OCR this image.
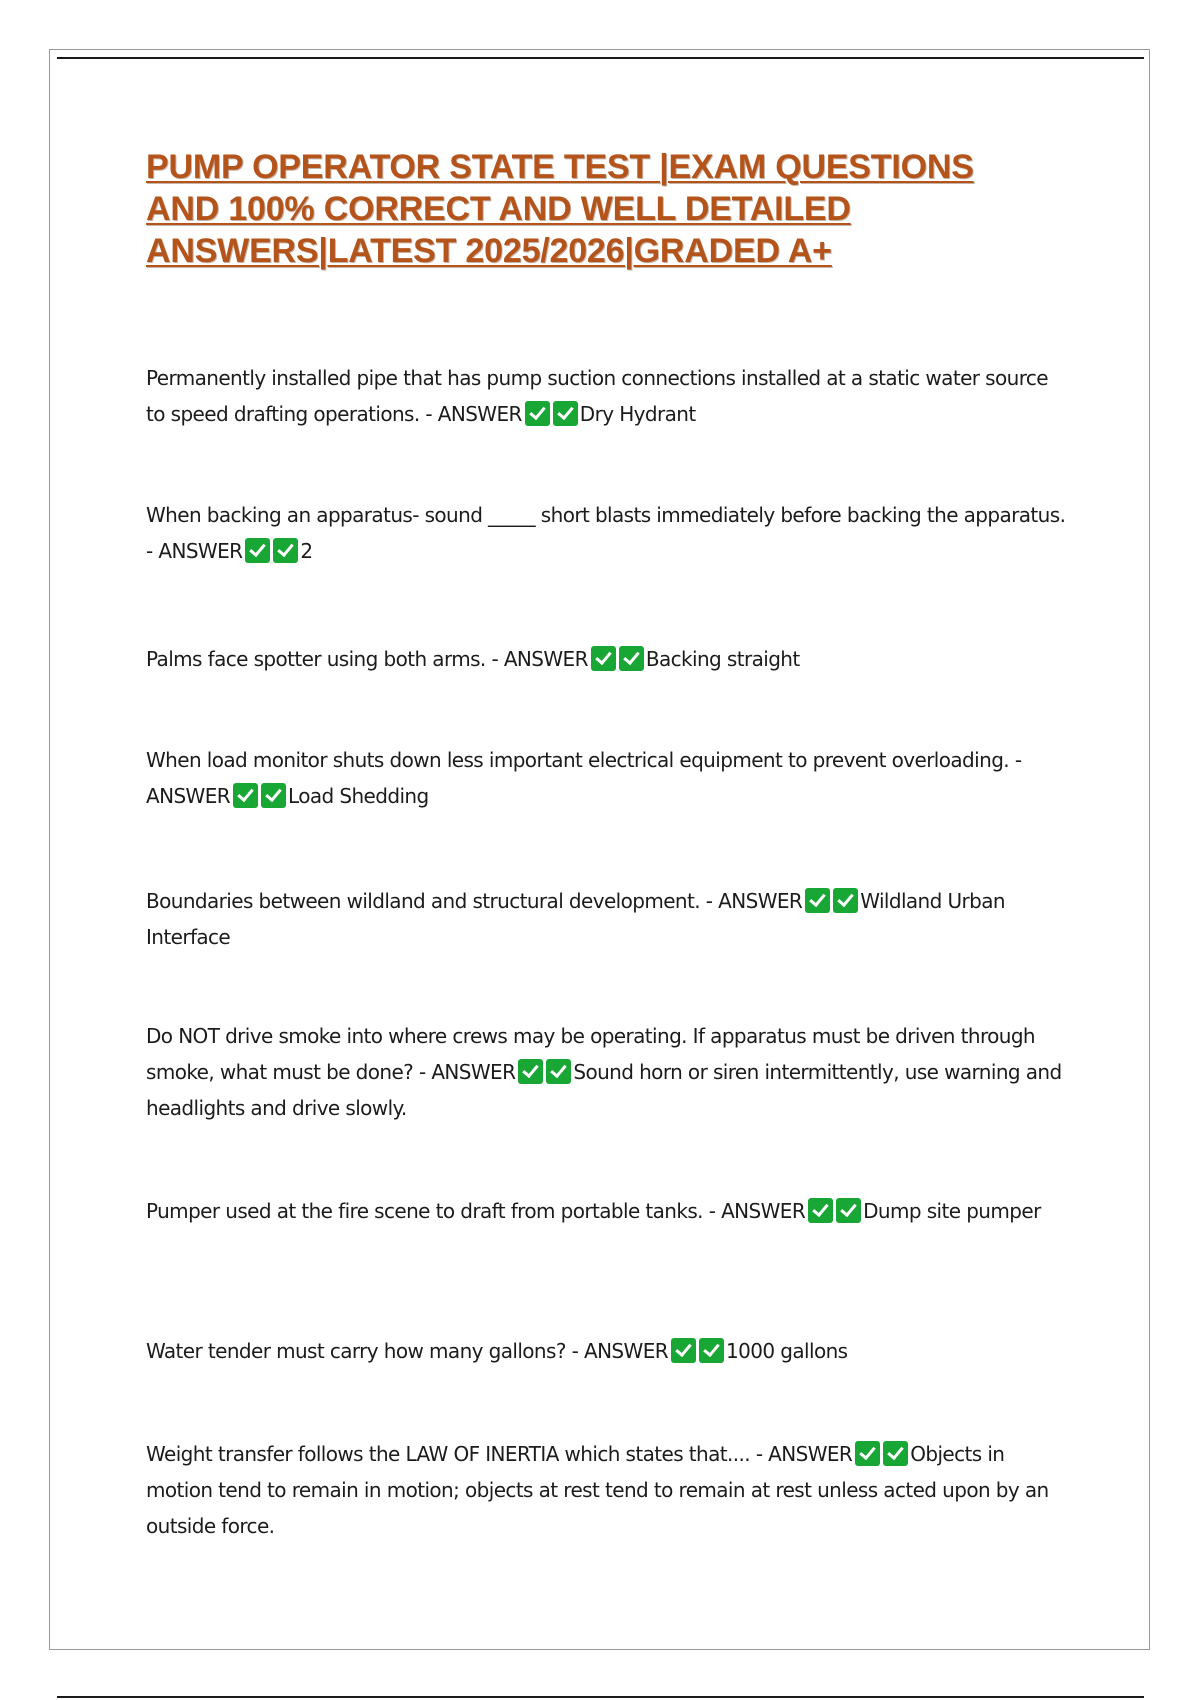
PUMP OPERATOR STATE TEST |EXAM QUESTIONS AND 100% CORRECT AND WELL DETAILED ANSWERS|LATEST 2025/2026|GRADED A+

Permanently installed pipe that has pump suction connections installed at a static water source to speed drafting operations. - ANSWER	Dry Hydrant

When backing an apparatus- sound _____ short blasts immediately before backing the apparatus. - ANSWER	2

Palms face spotter using both arms. - ANSWER	Backing straight

When load monitor shuts down less important electrical equipment to prevent overloading. - ANSWER	Load Shedding

Boundaries between wildland and structural development. - ANSWER	Wildland Urban Interface

Do NOT drive smoke into where crews may be operating. If apparatus must be driven through smoke, what must be done? - ANSWER	Sound horn or siren intermittently, use warning and headlights and drive slowly.

Pumper used at the fire scene to draft from portable tanks. - ANSWER	Dump site pumper

Water tender must carry how many gallons? - ANSWER	1000 gallons

Weight transfer follows the LAW OF INERTIA which states that.... - ANSWER	Objects in motion tend to remain in motion; objects at rest tend to remain at rest unless acted upon by an outside force.
